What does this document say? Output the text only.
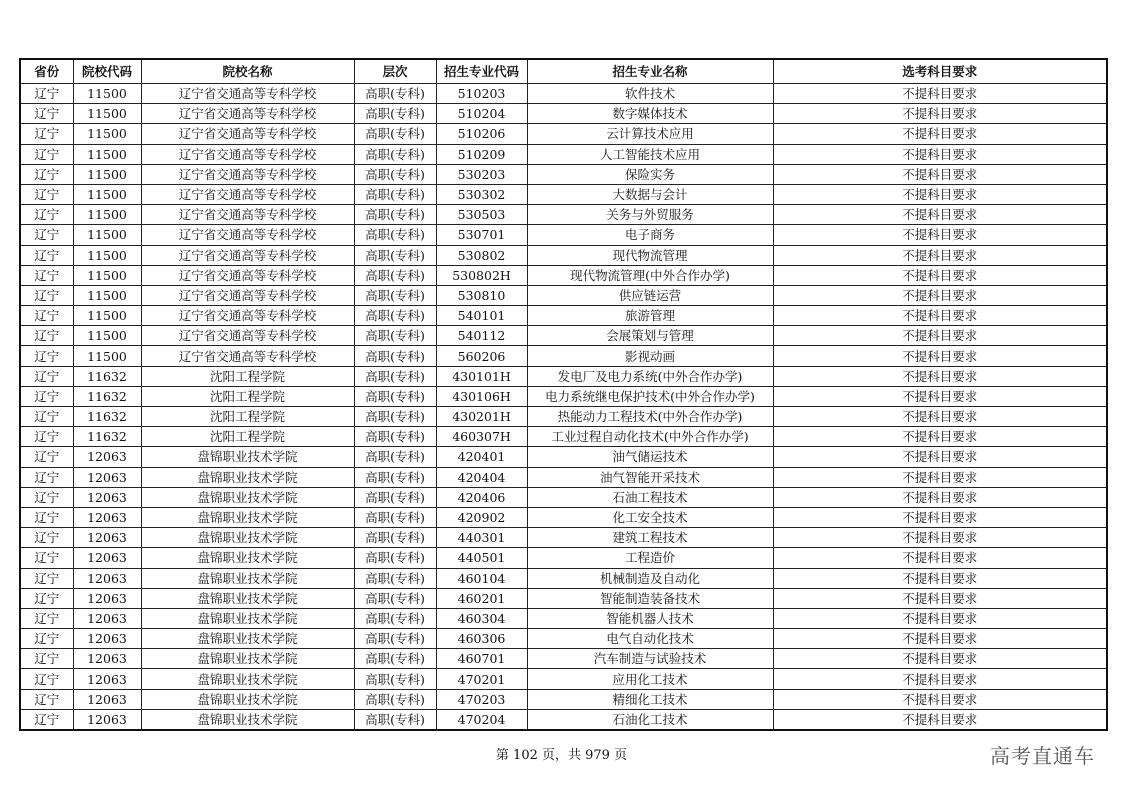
省份	院校代码	院校名称	层次	招生专业代码	招生专业名称	选考科目要求
辽宁	11500	辽宁省交通高等专科学校	高职(专科)	510203	软件技术	不提科目要求
辽宁	11500	辽宁省交通高等专科学校	高职(专科)	510204	数字媒体技术	不提科目要求
辽宁	11500	辽宁省交通高等专科学校	高职(专科)	510206	云计算技术应用	不提科目要求
辽宁	11500	辽宁省交通高等专科学校	高职(专科)	510209	人工智能技术应用	不提科目要求
辽宁	11500	辽宁省交通高等专科学校	高职(专科)	530203	保险实务	不提科目要求
辽宁	11500	辽宁省交通高等专科学校	高职(专科)	530302	大数据与会计	不提科目要求
辽宁	11500	辽宁省交通高等专科学校	高职(专科)	530503	关务与外贸服务	不提科目要求
辽宁	11500	辽宁省交通高等专科学校	高职(专科)	530701	电子商务	不提科目要求
辽宁	11500	辽宁省交通高等专科学校	高职(专科)	530802	现代物流管理	不提科目要求
辽宁	11500	辽宁省交通高等专科学校	高职(专科)	530802H	现代物流管理(中外合作办学)	不提科目要求
辽宁	11500	辽宁省交通高等专科学校	高职(专科)	530810	供应链运营	不提科目要求
辽宁	11500	辽宁省交通高等专科学校	高职(专科)	540101	旅游管理	不提科目要求
辽宁	11500	辽宁省交通高等专科学校	高职(专科)	540112	会展策划与管理	不提科目要求
辽宁	11500	辽宁省交通高等专科学校	高职(专科)	560206	影视动画	不提科目要求
辽宁	11632	沈阳工程学院	高职(专科)	430101H	发电厂及电力系统(中外合作办学)	不提科目要求
辽宁	11632	沈阳工程学院	高职(专科)	430106H	电力系统继电保护技术(中外合作办学)	不提科目要求
辽宁	11632	沈阳工程学院	高职(专科)	430201H	热能动力工程技术(中外合作办学)	不提科目要求
辽宁	11632	沈阳工程学院	高职(专科)	460307H	工业过程自动化技术(中外合作办学)	不提科目要求
辽宁	12063	盘锦职业技术学院	高职(专科)	420401	油气储运技术	不提科目要求
辽宁	12063	盘锦职业技术学院	高职(专科)	420404	油气智能开采技术	不提科目要求
辽宁	12063	盘锦职业技术学院	高职(专科)	420406	石油工程技术	不提科目要求
辽宁	12063	盘锦职业技术学院	高职(专科)	420902	化工安全技术	不提科目要求
辽宁	12063	盘锦职业技术学院	高职(专科)	440301	建筑工程技术	不提科目要求
辽宁	12063	盘锦职业技术学院	高职(专科)	440501	工程造价	不提科目要求
辽宁	12063	盘锦职业技术学院	高职(专科)	460104	机械制造及自动化	不提科目要求
辽宁	12063	盘锦职业技术学院	高职(专科)	460201	智能制造装备技术	不提科目要求
辽宁	12063	盘锦职业技术学院	高职(专科)	460304	智能机器人技术	不提科目要求
辽宁	12063	盘锦职业技术学院	高职(专科)	460306	电气自动化技术	不提科目要求
辽宁	12063	盘锦职业技术学院	高职(专科)	460701	汽车制造与试验技术	不提科目要求
辽宁	12063	盘锦职业技术学院	高职(专科)	470201	应用化工技术	不提科目要求
辽宁	12063	盘锦职业技术学院	高职(专科)	470203	精细化工技术	不提科目要求
辽宁	12063	盘锦职业技术学院	高职(专科)	470204	石油化工技术	不提科目要求
第 102 页，共 979 页	高考直通车
